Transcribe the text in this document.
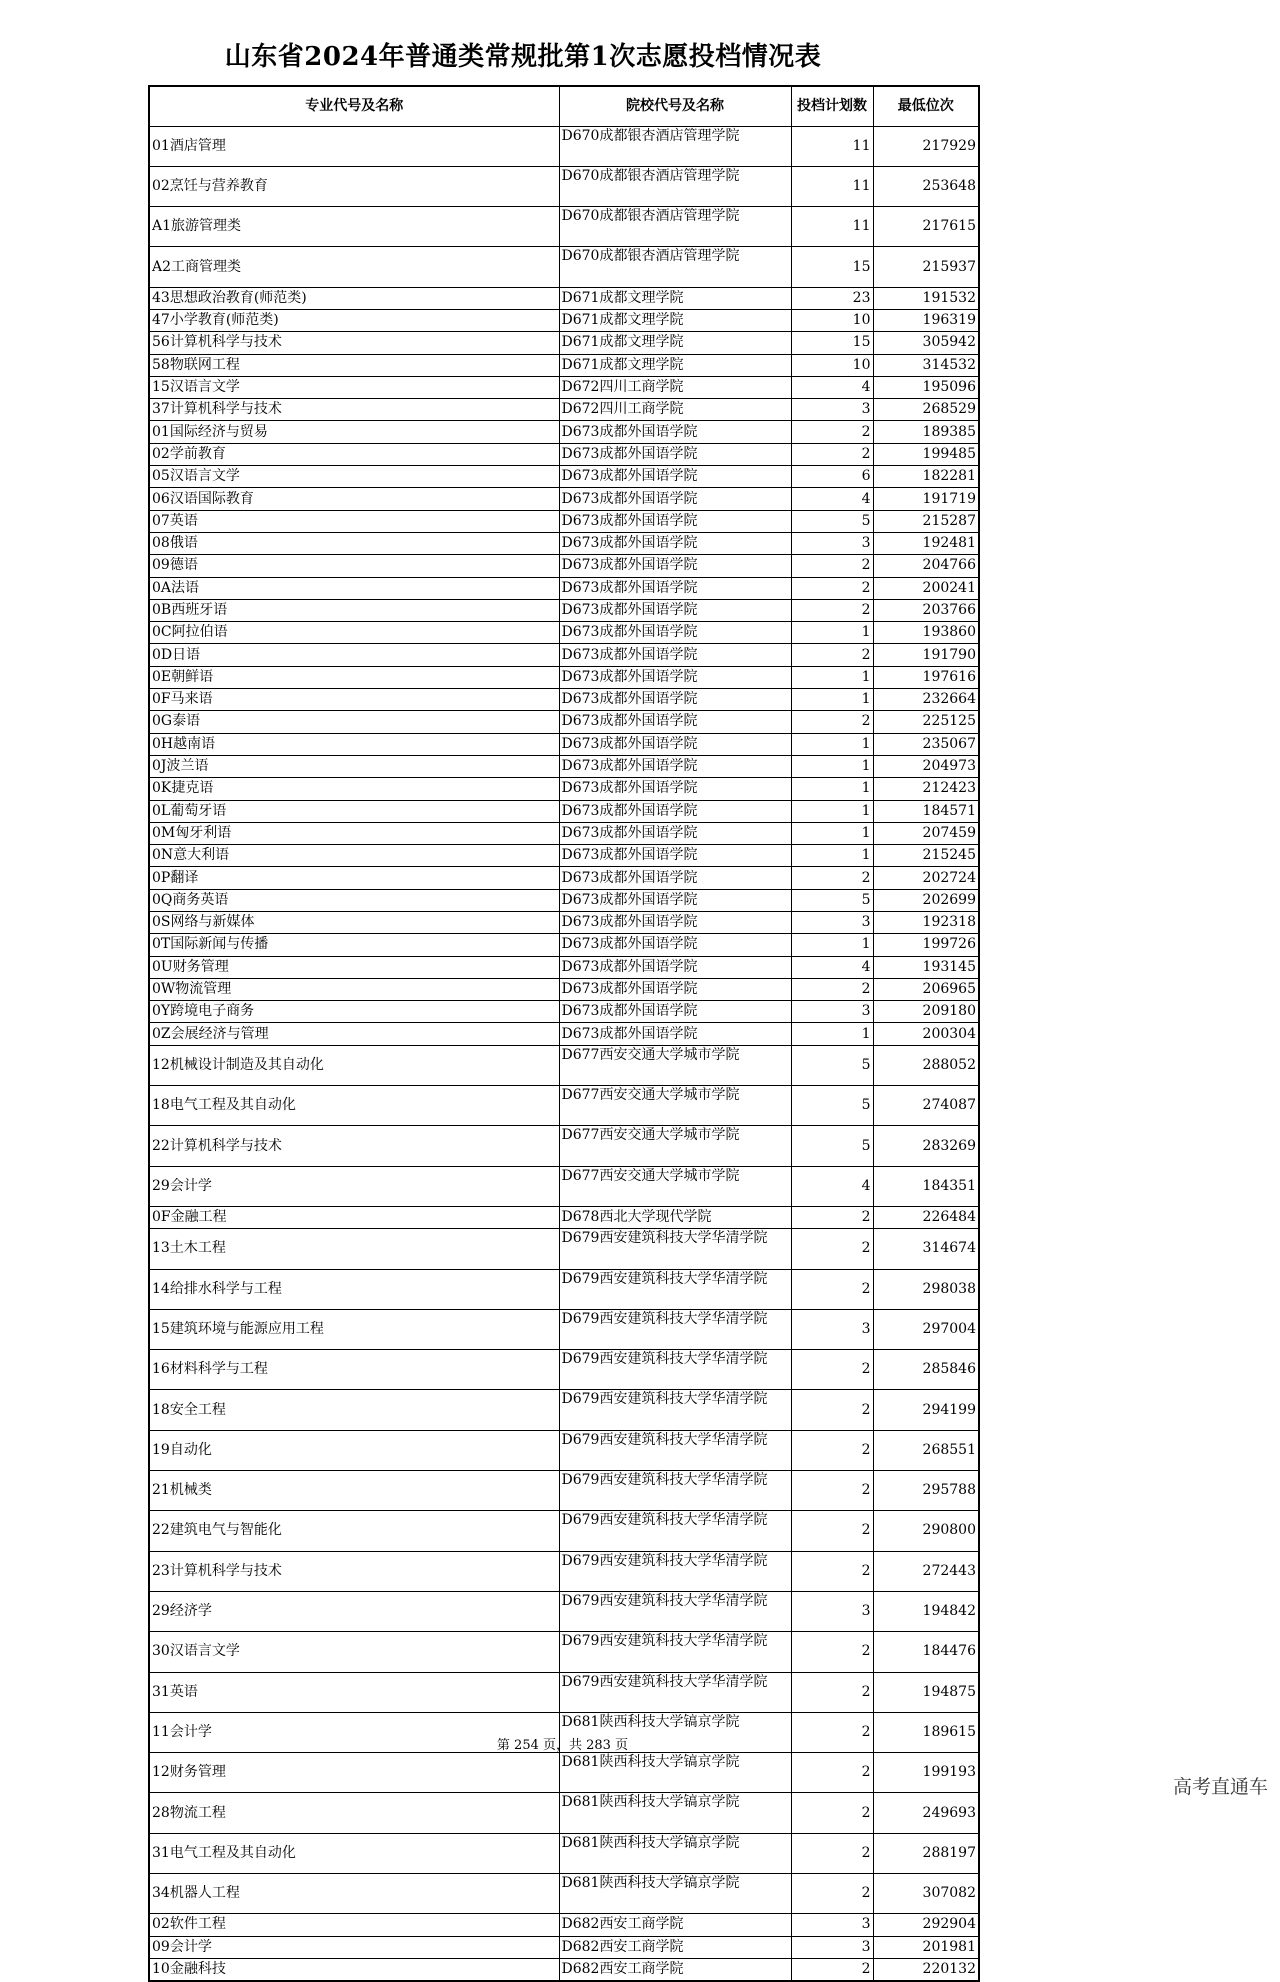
山东省2024年普通类常规批第1次志愿投档情况表
专业代号及名称	院校代号及名称	投档计划数	最低位次
01酒店管理	D670成都银杏酒店管理学院	11	217929
02烹饪与营养教育	D670成都银杏酒店管理学院	11	253648
A1旅游管理类	D670成都银杏酒店管理学院	11	217615
A2工商管理类	D670成都银杏酒店管理学院	15	215937
43思想政治教育(师范类)	D671成都文理学院	23	191532
47小学教育(师范类)	D671成都文理学院	10	196319
56计算机科学与技术	D671成都文理学院	15	305942
58物联网工程	D671成都文理学院	10	314532
15汉语言文学	D672四川工商学院	4	195096
37计算机科学与技术	D672四川工商学院	3	268529
01国际经济与贸易	D673成都外国语学院	2	189385
02学前教育	D673成都外国语学院	2	199485
05汉语言文学	D673成都外国语学院	6	182281
06汉语国际教育	D673成都外国语学院	4	191719
07英语	D673成都外国语学院	5	215287
08俄语	D673成都外国语学院	3	192481
09德语	D673成都外国语学院	2	204766
0A法语	D673成都外国语学院	2	200241
0B西班牙语	D673成都外国语学院	2	203766
0C阿拉伯语	D673成都外国语学院	1	193860
0D日语	D673成都外国语学院	2	191790
0E朝鲜语	D673成都外国语学院	1	197616
0F马来语	D673成都外国语学院	1	232664
0G泰语	D673成都外国语学院	2	225125
0H越南语	D673成都外国语学院	1	235067
0J波兰语	D673成都外国语学院	1	204973
0K捷克语	D673成都外国语学院	1	212423
0L葡萄牙语	D673成都外国语学院	1	184571
0M匈牙利语	D673成都外国语学院	1	207459
0N意大利语	D673成都外国语学院	1	215245
0P翻译	D673成都外国语学院	2	202724
0Q商务英语	D673成都外国语学院	5	202699
0S网络与新媒体	D673成都外国语学院	3	192318
0T国际新闻与传播	D673成都外国语学院	1	199726
0U财务管理	D673成都外国语学院	4	193145
0W物流管理	D673成都外国语学院	2	206965
0Y跨境电子商务	D673成都外国语学院	3	209180
0Z会展经济与管理	D673成都外国语学院	1	200304
12机械设计制造及其自动化	D677西安交通大学城市学院	5	288052
18电气工程及其自动化	D677西安交通大学城市学院	5	274087
22计算机科学与技术	D677西安交通大学城市学院	5	283269
29会计学	D677西安交通大学城市学院	4	184351
0F金融工程	D678西北大学现代学院	2	226484
13土木工程	D679西安建筑科技大学华清学院	2	314674
14给排水科学与工程	D679西安建筑科技大学华清学院	2	298038
15建筑环境与能源应用工程	D679西安建筑科技大学华清学院	3	297004
16材料科学与工程	D679西安建筑科技大学华清学院	2	285846
18安全工程	D679西安建筑科技大学华清学院	2	294199
19自动化	D679西安建筑科技大学华清学院	2	268551
21机械类	D679西安建筑科技大学华清学院	2	295788
22建筑电气与智能化	D679西安建筑科技大学华清学院	2	290800
23计算机科学与技术	D679西安建筑科技大学华清学院	2	272443
29经济学	D679西安建筑科技大学华清学院	3	194842
30汉语言文学	D679西安建筑科技大学华清学院	2	184476
31英语	D679西安建筑科技大学华清学院	2	194875
11会计学	D681陕西科技大学镐京学院	2	189615
12财务管理	D681陕西科技大学镐京学院	2	199193
28物流工程	D681陕西科技大学镐京学院	2	249693
31电气工程及其自动化	D681陕西科技大学镐京学院	2	288197
34机器人工程	D681陕西科技大学镐京学院	2	307082
02软件工程	D682西安工商学院	3	292904
09会计学	D682西安工商学院	3	201981
10金融科技	D682西安工商学院	2	220132
第 254 页，共 283 页
高考直通车
